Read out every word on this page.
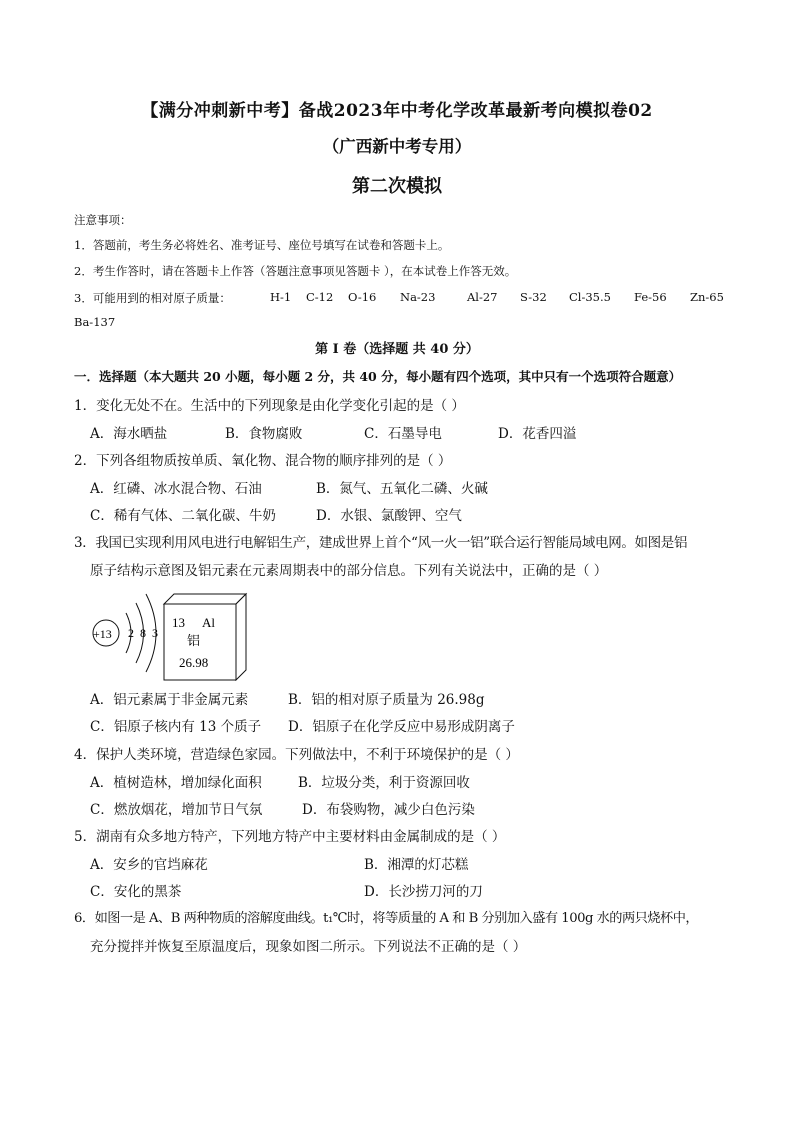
【满分冲刺新中考】备战2023年中考化学改革最新考向模拟卷02
（广西新中考专用）
第二次模拟
注意事项：
1．答题前，考生务必将姓名、准考证号、座位号填写在试卷和答题卡上。
2．考生作答时，请在答题卡上作答（答题注意事项见答题卡 ），在本试卷上作答无效。
3．可能用到的相对原子质量：	H-1 C-12 O-16 Na-23	Al-27 S-32 Cl-35.5 Fe-56 Zn-65
Ba-137
第 I 卷（选择题 共 40 分）
一．选择题（本大题共 20 小题，每小题 2 分，共 40 分，每小题有四个选项，其中只有一个选项符合题意）
1．变化无处不在。生活中的下列现象是由化学变化引起的是（ ）
A．海水晒盐	B．食物腐败	C．石墨导电	D．花香四溢
2．下列各组物质按单质、氧化物、混合物的顺序排列的是（ ）
A．红磷、冰水混合物、石油	B．氮气、五氧化二磷、火碱
C．稀有气体、二氧化碳、牛奶	D．水银、氯酸钾、空气
3．我国已实现利用风电进行电解铝生产，建成世界上首个“风一火一铝”联合运行智能局域电网。如图是铝
原子结构示意图及铝元素在元素周期表中的部分信息。下列有关说法中，正确的是（ ）
+13 2 8 3
13 Al
铝
26.98
A．铝元素属于非金属元素	B．铝的相对原子质量为 26.98g
C．铝原子核内有 13 个质子 D．铝原子在化学反应中易形成阴离子
4．保护人类环境，营造绿色家园。下列做法中，不利于环境保护的是（ ）
A．植树造林，增加绿化面积	B．垃圾分类，利于资源回收
C．燃放烟花，增加节日气氛	D．布袋购物，减少白色污染
5．湖南有众多地方特产，下列地方特产中主要材料由金属制成的是（ ）
A．安乡的官垱麻花	B．湘潭的灯芯糕
C．安化的黑茶	D．长沙捞刀河的刀
6．如图一是 A、B 两种物质的溶解度曲线。t₁℃时，将等质量的 A 和 B 分别加入盛有 100g 水的两只烧杯中，
充分搅拌并恢复至原温度后，现象如图二所示。下列说法不正确的是（ ）
